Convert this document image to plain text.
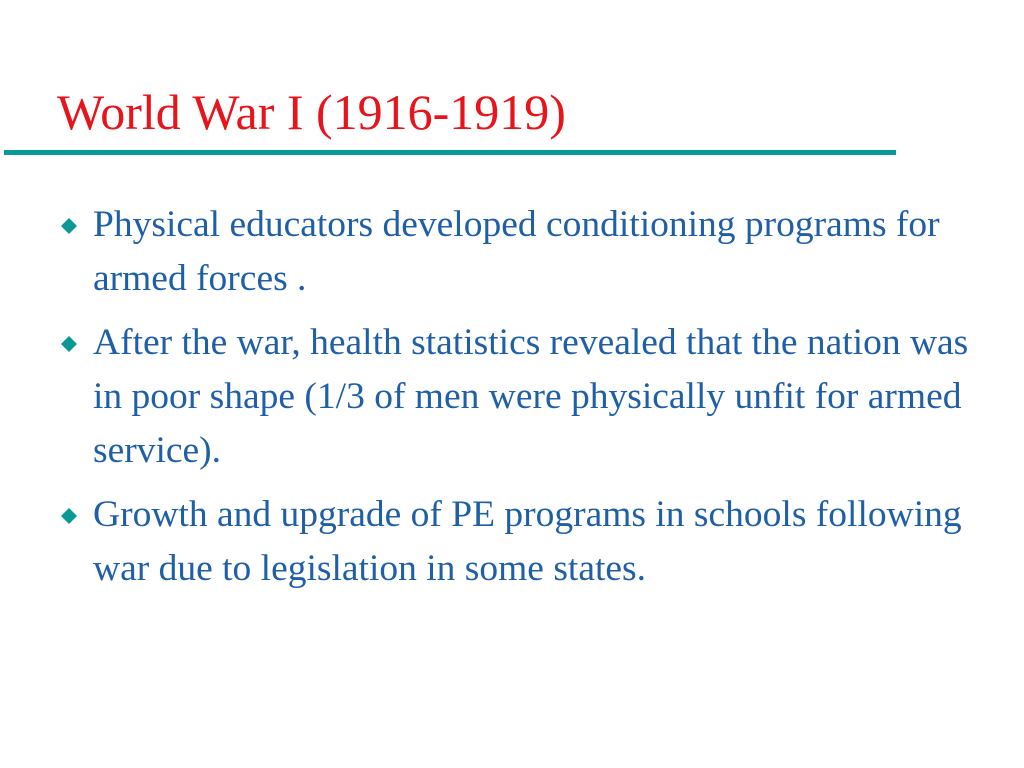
World War I (1916-1919)
Physical educators developed conditioning programs for armed forces .
After the war, health statistics revealed that the nation was in poor shape (1/3 of men were physically unfit for armed service).
Growth and upgrade of PE programs in schools following war due to legislation in some states.
